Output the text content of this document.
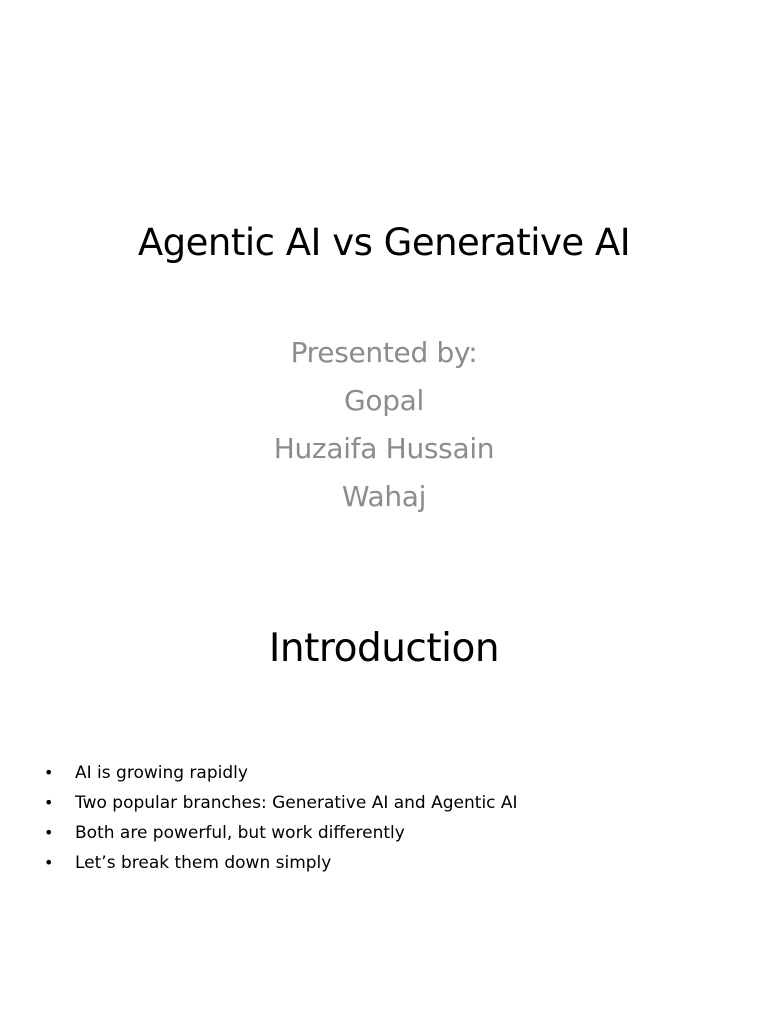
Agentic AI vs Generative AI
Presented by:
Gopal
Huzaifa Hussain
Wahaj
Introduction
• AI is growing rapidly
• Two popular branches: Generative AI and Agentic AI
• Both are powerful, but work differently
• Let’s break them down simply
